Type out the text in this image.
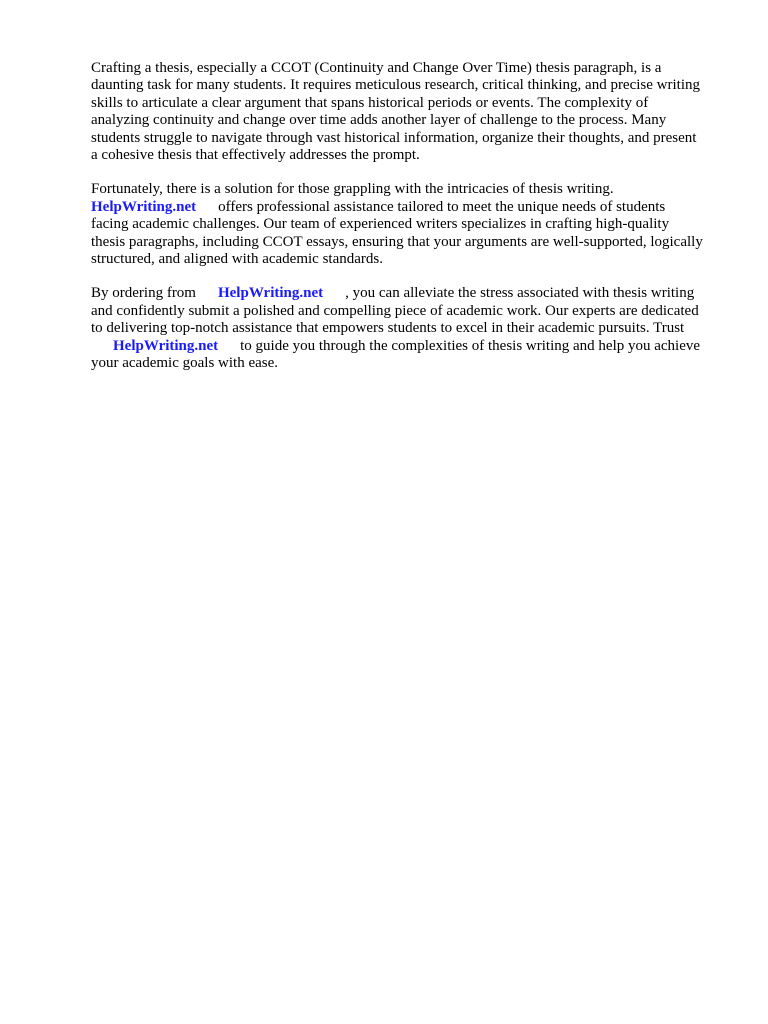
Crafting a thesis, especially a CCOT (Continuity and Change Over Time) thesis paragraph, is a
daunting task for many students. It requires meticulous research, critical thinking, and precise writing
skills to articulate a clear argument that spans historical periods or events. The complexity of
analyzing continuity and change over time adds another layer of challenge to the process. Many
students struggle to navigate through vast historical information, organize their thoughts, and present
a cohesive thesis that effectively addresses the prompt.
Fortunately, there is a solution for those grappling with the intricacies of thesis writing.
HelpWriting.net offers professional assistance tailored to meet the unique needs of students
facing academic challenges. Our team of experienced writers specializes in crafting high-quality
thesis paragraphs, including CCOT essays, ensuring that your arguments are well-supported, logically
structured, and aligned with academic standards.
By ordering from HelpWriting.net , you can alleviate the stress associated with thesis writing
and confidently submit a polished and compelling piece of academic work. Our experts are dedicated
to delivering top-notch assistance that empowers students to excel in their academic pursuits. Trust
HelpWriting.net to guide you through the complexities of thesis writing and help you achieve
your academic goals with ease.
